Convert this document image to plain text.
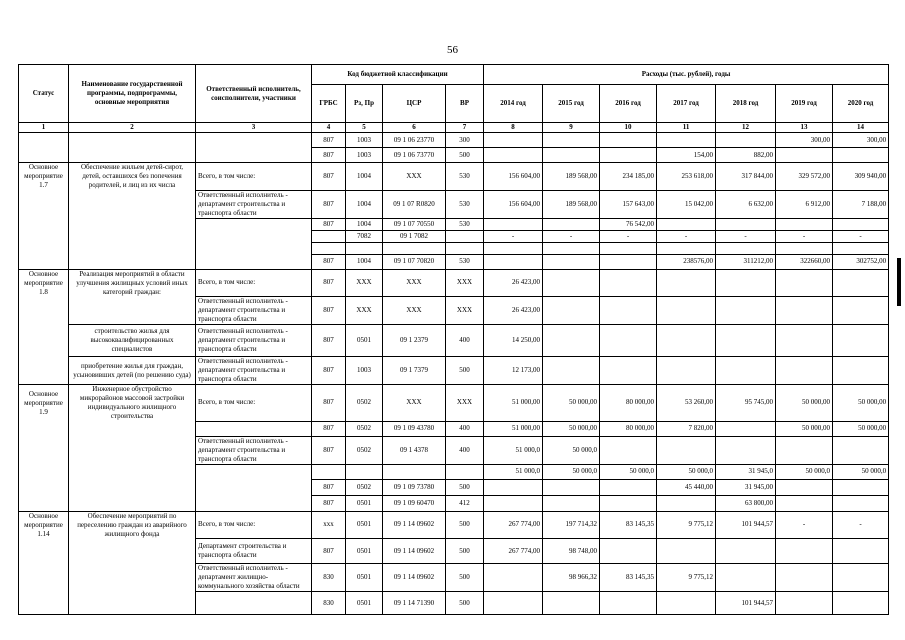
56
Статус	Наименование государственной программы, подпрограммы, основные мероприятия	Ответственный исполнитель, соисполнители, участники	Код бюджетной классификации				Расходы (тыс. рублей), годы						
			ГРБС	Рз, Пр	ЦСР	ВР	2014 год	2015 год	2016 год	2017 год	2018 год	2019 год	2020 год
1	2	3	4	5	6	7	8	9	10	11	12	13	14
			807	1003	09 1 06 23770	300						300,00	300,00
			807	1003	09 1 06 73770	500				154,00	882,00		
Основное мероприятие 1.7	Обеспечение жильем детей-сирот, детей, оставшихся без попечения родителей, и лиц из их числа	Всего, в том числе:	807	1004	ХХХ	530	156 604,00	189 568,00	234 185,00	253 618,00	317 844,00	329 572,00	309 940,00
		Ответственный исполнитель - департамент строительства и транспорта области	807	1004	09 1 07 R0820	530	156 604,00	189 568,00	157 643,00	15 042,00	6 632,00	6 912,00	7 188,00
			807	1004	09 1 07 70550	530			76 542,00				
				7082	09 1 7082		-	-	-	-	-	-	-

			807	1004	09 1 07 70820	530				238576,00	311212,00	322660,00	302752,00
Основное мероприятие 1.8	Реализация мероприятий в области улучшения жилищных условий иных категорий граждан:	Всего, в том числе:	807	ХХХ	ХХХ	ХХХ	26 423,00						
		Ответственный исполнитель - департамент строительства и транспорта области	807	ХХХ	ХХХ	ХХХ	26 423,00						
	строительство жилья для высококвалифицированных специалистов	Ответственный исполнитель - департамент строительства и транспорта области	807	0501	09 1 2379	400	14 250,00						
	приобретение жилья для граждан, усыновивших детей (по решению суда)	Ответственный исполнитель - департамент строительства и транспорта области	807	1003	09 1 7379	500	12 173,00						
Основное мероприятие 1.9	Инженерное обустройство микрорайонов массовой застройки индивидуального жилищного строительства	Всего, в том числе:	807	0502	ХХХ	ХХХ	51 000,00	50 000,00	80 000,00	53 260,00	95 745,00	50 000,00	50 000,00
			807	0502	09 1 09 43780	400	51 000,00	50 000,00	80 000,00	7 820,00		50 000,00	50 000,00
		Ответственный исполнитель - департамент строительства и транспорта области	807	0502	09 1 4378	400	51 000,0	50 000,0					
							51 000,0	50 000,0	50 000,0	50 000,0	31 945,0	50 000,0	50 000,0
			807	0502	09 1 09 73780	500				45 440,00	31 945,00		
			807	0501	09 1 09 60470	412					63 800,00		
Основное мероприятие 1.14	Обеспечение мероприятий по переселению граждан из аварийного жилищного фонда	Всего, в том числе:	ххх	0501	09 1 14 09602	500	267 774,00	197 714,32	83 145,35	9 775,12	101 944,57	-	-
		Департамент строительства и транспорта области	807	0501	09 1 14 09602	500	267 774,00	98 748,00					
		Ответственный исполнитель - департамент жилищно-коммунального хозяйства области	830	0501	09 1 14 09602	500		98 966,32	83 145,35	9 775,12			
			830	0501	09 1 14 71390	500					101 944,57		
